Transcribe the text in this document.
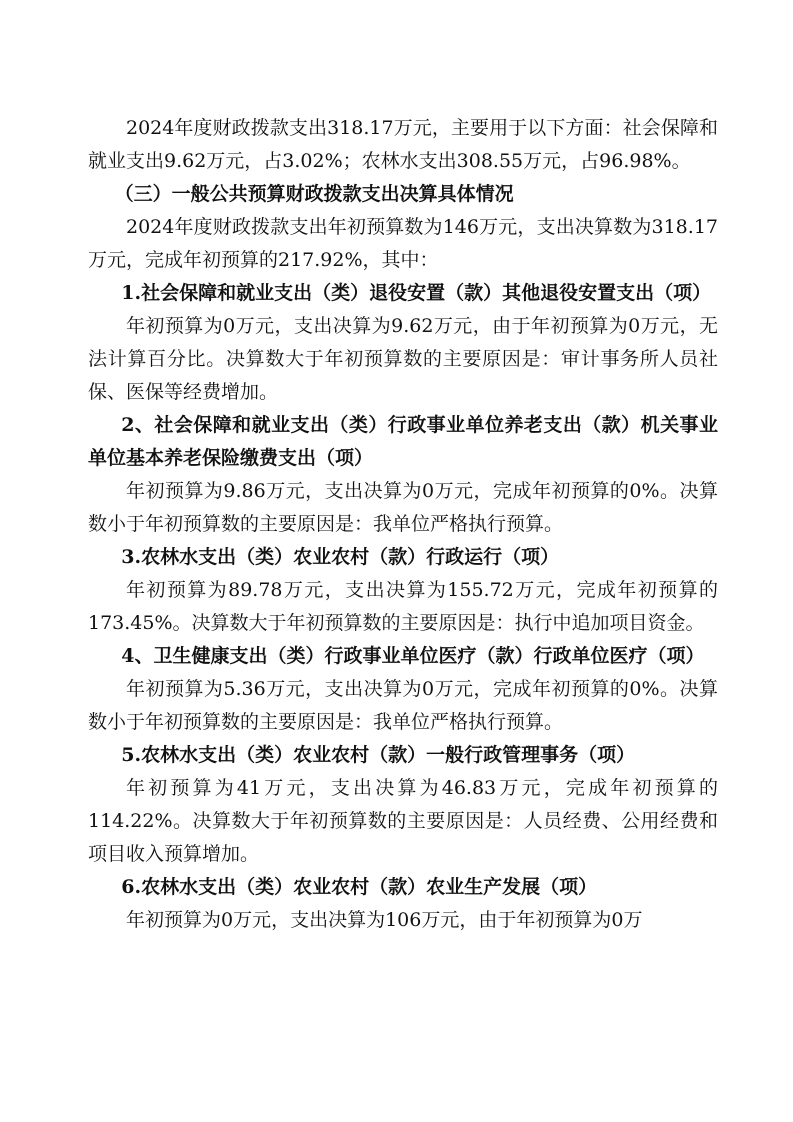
2024年度财政拨款支出318.17万元，主要用于以下方面：社会保障和就业支出9.62万元，占3.02%；农林水支出308.55万元，占96.98%。

（三）一般公共预算财政拨款支出决算具体情况

2024年度财政拨款支出年初预算数为146万元，支出决算数为318.17万元，完成年初预算的217.92%，其中：

1.社会保障和就业支出（类）退役安置（款）其他退役安置支出（项）

年初预算为0万元，支出决算为9.62万元，由于年初预算为0万元，无法计算百分比。决算数大于年初预算数的主要原因是：审计事务所人员社保、医保等经费增加。

2、社会保障和就业支出（类）行政事业单位养老支出（款）机关事业单位基本养老保险缴费支出（项）

年初预算为9.86万元，支出决算为0万元，完成年初预算的0%。决算数小于年初预算数的主要原因是：我单位严格执行预算。

3.农林水支出（类）农业农村（款）行政运行（项）

年初预算为89.78万元，支出决算为155.72万元，完成年初预算的173.45%。决算数大于年初预算数的主要原因是：执行中追加项目资金。

4、卫生健康支出（类）行政事业单位医疗（款）行政单位医疗（项）

年初预算为5.36万元，支出决算为0万元，完成年初预算的0%。决算数小于年初预算数的主要原因是：我单位严格执行预算。

5.农林水支出（类）农业农村（款）一般行政管理事务（项）

年初预算为41万元，支出决算为46.83万元，完成年初预算的114.22%。决算数大于年初预算数的主要原因是：人员经费、公用经费和项目收入预算增加。

6.农林水支出（类）农业农村（款）农业生产发展（项）

年初预算为0万元，支出决算为106万元，由于年初预算为0万
